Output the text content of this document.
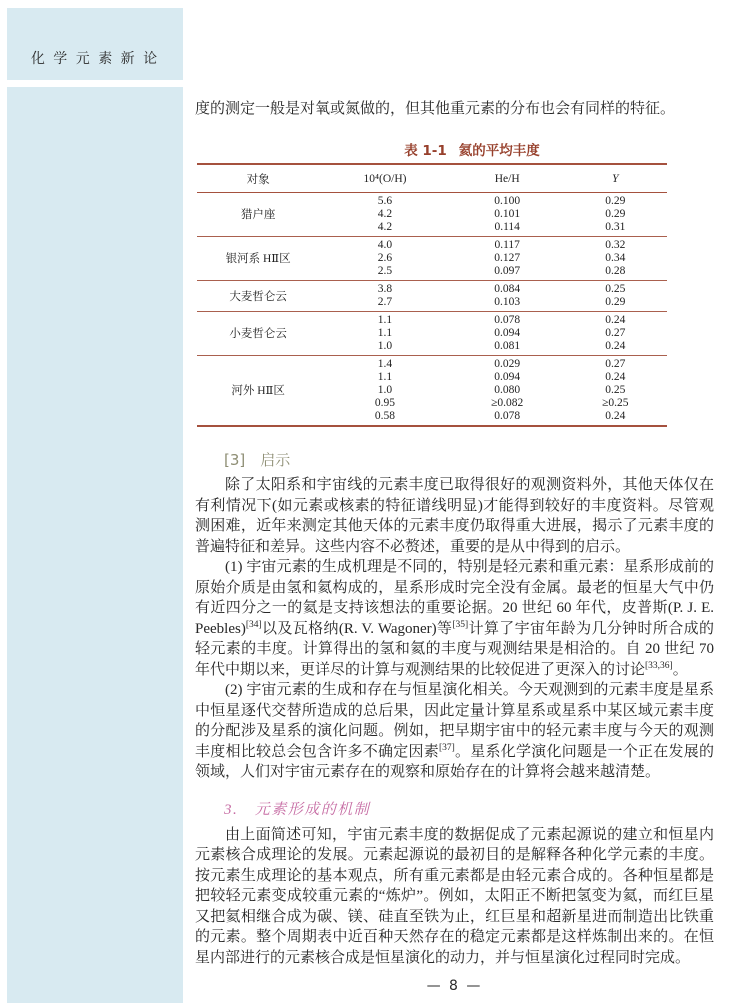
化 学 元 素 新 论

度的测定一般是对氧或氮做的，但其他重元素的分布也会有同样的特征。

表 1-1 氦的平均丰度
对象	10⁴(O/H)	He/H	Y
猎户座	5.6	0.100	0.29
	4.2	0.101	0.29
	4.2	0.114	0.31
银河系 HⅡ区	4.0	0.117	0.32
	2.6	0.127	0.34
	2.5	0.097	0.28
大麦哲仑云	3.8	0.084	0.25
	2.7	0.103	0.29
小麦哲仑云	1.1	0.078	0.24
	1.1	0.094	0.27
	1.0	0.081	0.24
河外 HⅡ区	1.4	0.029	0.27
	1.1	0.094	0.24
	1.0	0.080	0.25
	0.95	≥0.082	≥0.25
	0.58	0.078	0.24
[3]　启示

除了太阳系和宇宙线的元素丰度已取得很好的观测资料外，其他天体仅在有利情况下(如元素或核素的特征谱线明显)才能得到较好的丰度资料。尽管观测困难，近年来测定其他天体的元素丰度仍取得重大进展，揭示了元素丰度的普遍特征和差异。这些内容不必赘述，重要的是从中得到的启示。

(1) 宇宙元素的生成机理是不同的，特别是轻元素和重元素：星系形成前的原始介质是由氢和氦构成的，星系形成时完全没有金属。最老的恒星大气中仍有近四分之一的氦是支持该想法的重要论据。20 世纪 60 年代，皮普斯(P. J. E. Peebles)[34]以及瓦格纳(R. V. Wagoner)等[35]计算了宇宙年龄为几分钟时所合成的轻元素的丰度。计算得出的氢和氦的丰度与观测结果是相洽的。自 20 世纪 70 年代中期以来，更详尽的计算与观测结果的比较促进了更深入的讨论[33,36]。

(2) 宇宙元素的生成和存在与恒星演化相关。今天观测到的元素丰度是星系中恒星逐代交替所造成的总后果，因此定量计算星系或星系中某区域元素丰度的分配涉及星系的演化问题。例如，把早期宇宙中的轻元素丰度与今天的观测丰度相比较总会包含许多不确定因素[37]。星系化学演化问题是一个正在发展的领域，人们对宇宙元素存在的观察和原始存在的计算将会越来越清楚。

3.　元素形成的机制

由上面简述可知，宇宙元素丰度的数据促成了元素起源说的建立和恒星内元素核合成理论的发展。元素起源说的最初目的是解释各种化学元素的丰度。按元素生成理论的基本观点，所有重元素都是由轻元素合成的。各种恒星都是把较轻元素变成较重元素的“炼炉”。例如，太阳正不断把氢变为氦，而红巨星又把氦相继合成为碳、镁、硅直至铁为止，红巨星和超新星进而制造出比铁重的元素。整个周期表中近百种天然存在的稳定元素都是这样炼制出来的。在恒星内部进行的元素核合成是恒星演化的动力，并与恒星演化过程同时完成。

— 8 —
